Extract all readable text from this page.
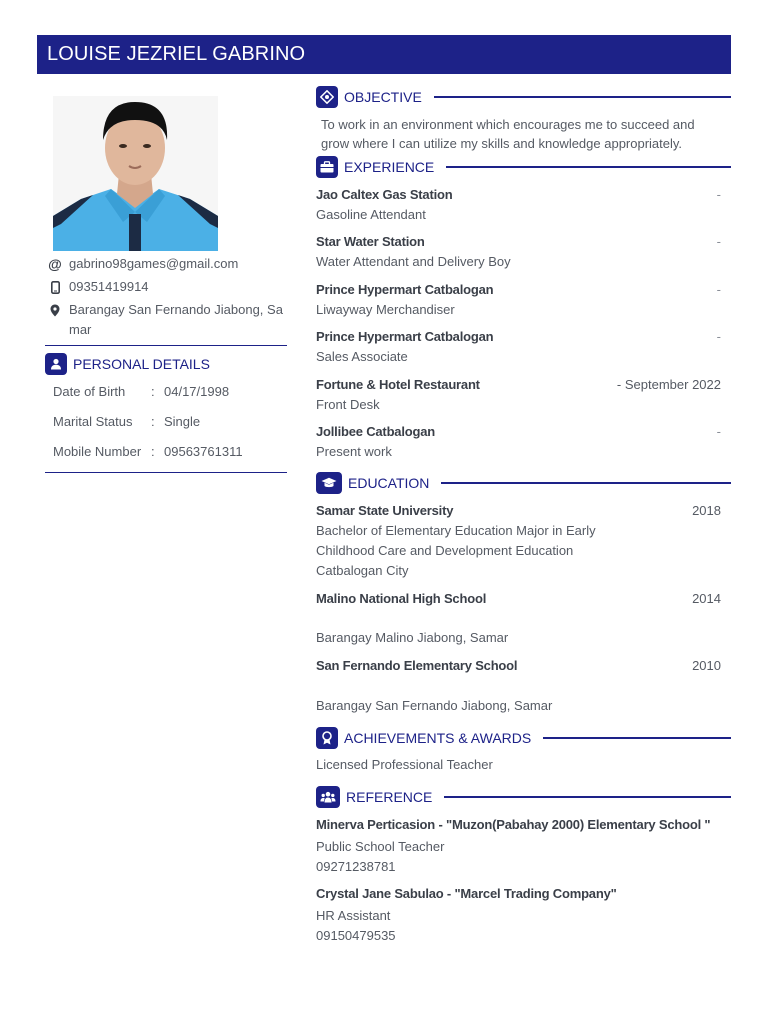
LOUISE JEZRIEL GABRINO
@ gabrino98games@gmail.com
09351419914
Barangay San Fernando Jiabong, Samar
PERSONAL DETAILS
Date of Birth	: 04/17/1998
Marital Status	: Single
Mobile Number : 09563761311
OBJECTIVE
To work in an environment which encourages me to succeed and grow where I can utilize my skills and knowledge appropriately.
EXPERIENCE
Jao Caltex Gas Station	-
Gasoline Attendant
Star Water Station	-
Water Attendant and Delivery Boy
Prince Hypermart Catbalogan	-
Liwayway Merchandiser
Prince Hypermart Catbalogan	-
Sales Associate
Fortune & Hotel Restaurant	- September 2022
Front Desk
Jollibee Catbalogan	-
Present work
EDUCATION
Samar State University	2018
Bachelor of Elementary Education Major in Early
Childhood Care and Development Education
Catbalogan City
Malino National High School	2014
Barangay Malino Jiabong, Samar
San Fernando Elementary School	2010
Barangay San Fernando Jiabong, Samar
ACHIEVEMENTS & AWARDS
Licensed Professional Teacher
REFERENCE
Minerva Perticasion - "Muzon(Pabahay 2000) Elementary School "
Public School Teacher
09271238781
Crystal Jane Sabulao - "Marcel Trading Company"
HR Assistant
09150479535
